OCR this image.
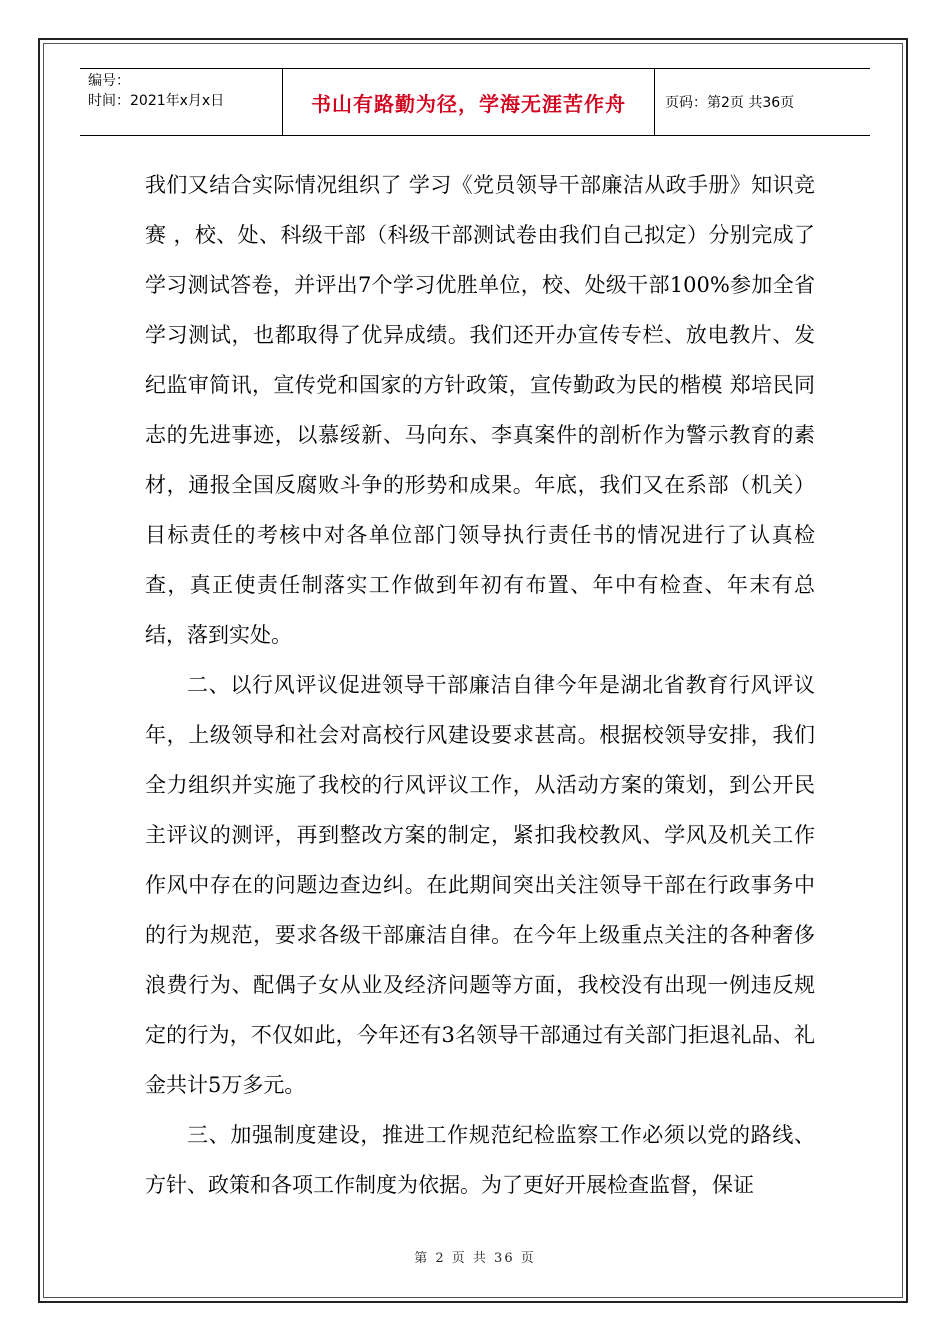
编号：
时间：2021年x月x日	书山有路勤为径，学海无涯苦作舟	页码：第2页 共36页

我们又结合实际情况组织了 学习《党员领导干部廉洁从政手册》知识竞赛 ，校、处、科级干部（科级干部测试卷由我们自己拟定）分别完成了学习测试答卷，并评出7个学习优胜单位，校、处级干部100%参加全省学习测试，也都取得了优异成绩。我们还开办宣传专栏、放电教片、发纪监审简讯，宣传党和国家的方针政策，宣传勤政为民的楷模 郑培民同志的先进事迹，以慕绥新、马向东、李真案件的剖析作为警示教育的素材，通报全国反腐败斗争的形势和成果。年底，我们又在系部（机关）目标责任的考核中对各单位部门领导执行责任书的情况进行了认真检查，真正使责任制落实工作做到年初有布置、年中有检查、年末有总结，落到实处。

二、以行风评议促进领导干部廉洁自律今年是湖北省教育行风评议年，上级领导和社会对高校行风建设要求甚高。根据校领导安排，我们全力组织并实施了我校的行风评议工作，从活动方案的策划，到公开民主评议的测评，再到整改方案的制定，紧扣我校教风、学风及机关工作作风中存在的问题边查边纠。在此期间突出关注领导干部在行政事务中的行为规范，要求各级干部廉洁自律。在今年上级重点关注的各种奢侈浪费行为、配偶子女从业及经济问题等方面，我校没有出现一例违反规定的行为，不仅如此，今年还有3名领导干部通过有关部门拒退礼品、礼金共计5万多元。

三、加强制度建设，推进工作规范纪检监察工作必须以党的路线、方针、政策和各项工作制度为依据。为了更好开展检查监督，保证

第 2 页 共 36 页
